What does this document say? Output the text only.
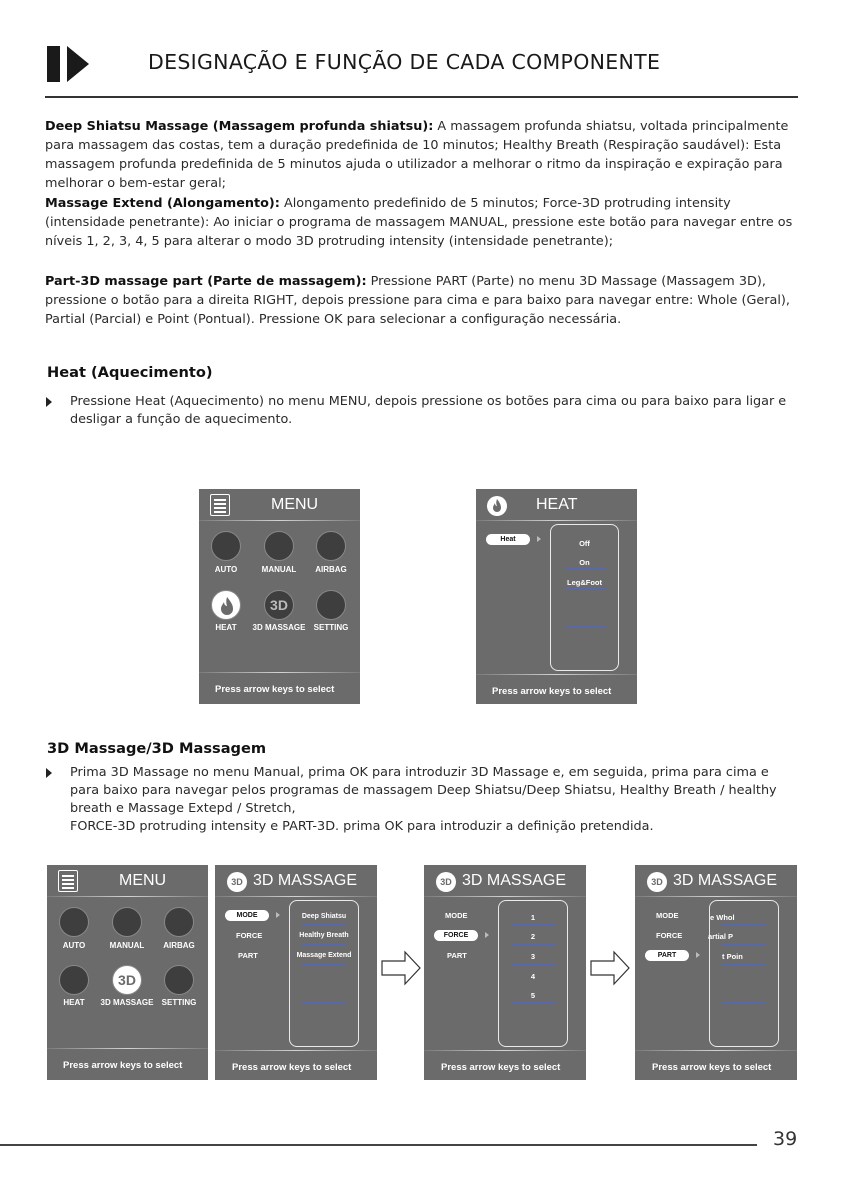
DESIGNAÇÃO E FUNÇÃO DE CADA COMPONENTE
Deep Shiatsu Massage (Massagem profunda shiatsu): A massagem profunda shiatsu, voltada principalmente para massagem das costas, tem a duração predefinida de 10 minutos; Healthy Breath (Respiração saudável): Esta massagem profunda predefinida de 5 minutos ajuda o utilizador a melhorar o ritmo da inspiração e expiração para melhorar o bem-estar geral;
Massage Extend (Alongamento): Alongamento predefinido de 5 minutos; Force-3D protruding intensity (intensidade penetrante): Ao iniciar o programa de massagem MANUAL, pressione este botão para navegar entre os níveis 1, 2, 3, 4, 5 para alterar o modo 3D protruding intensity (intensidade penetrante);
Part-3D massage part (Parte de massagem): Pressione PART (Parte) no menu 3D Massage (Massagem 3D), pressione o botão para a direita RIGHT, depois pressione para cima e para baixo para navegar entre: Whole (Geral), Partial (Parcial) e Point (Pontual). Pressione OK para selecionar a configuração necessária.
Heat (Aquecimento)
Pressione Heat (Aquecimento) no menu MENU, depois pressione os botões para cima ou para baixo para ligar e desligar a função de aquecimento.
MENU
AUTO	MANUAL	AIRBAG
HEAT
3D
3D MASSAGE	SETTING
Press arrow keys to select
HEAT
Heat	Off
On
Leg&Foot
Press arrow keys to select
3D Massage/3D Massagem
Prima 3D Massage no menu Manual, prima OK para introduzir 3D Massage e, em seguida, prima para cima e para baixo para navegar pelos programas de massagem Deep Shiatsu/Deep Shiatsu, Healthy Breath / healthy breath e Massage Extepd / Stretch,
FORCE-3D protruding intensity e PART-3D. prima OK para introduzir a definição pretendida.
MENU
AUTO	MANUAL	AIRBAG
HEAT
3D
3D MASSAGE	SETTING
Press arrow keys to select
3D 3D MASSAGE
MODE
FORCE
PART
Deep Shiatsu
Healthy Breath
Massage Extend
Press arrow keys to select
3D 3D MASSAGE
MODE
FORCE
PART
1
2
3
4
5
Press arrow keys to select
3D 3D MASSAGE
MODE
FORCE
PART
e Whol
artial P
t Poin
Press arrow keys to select
39
